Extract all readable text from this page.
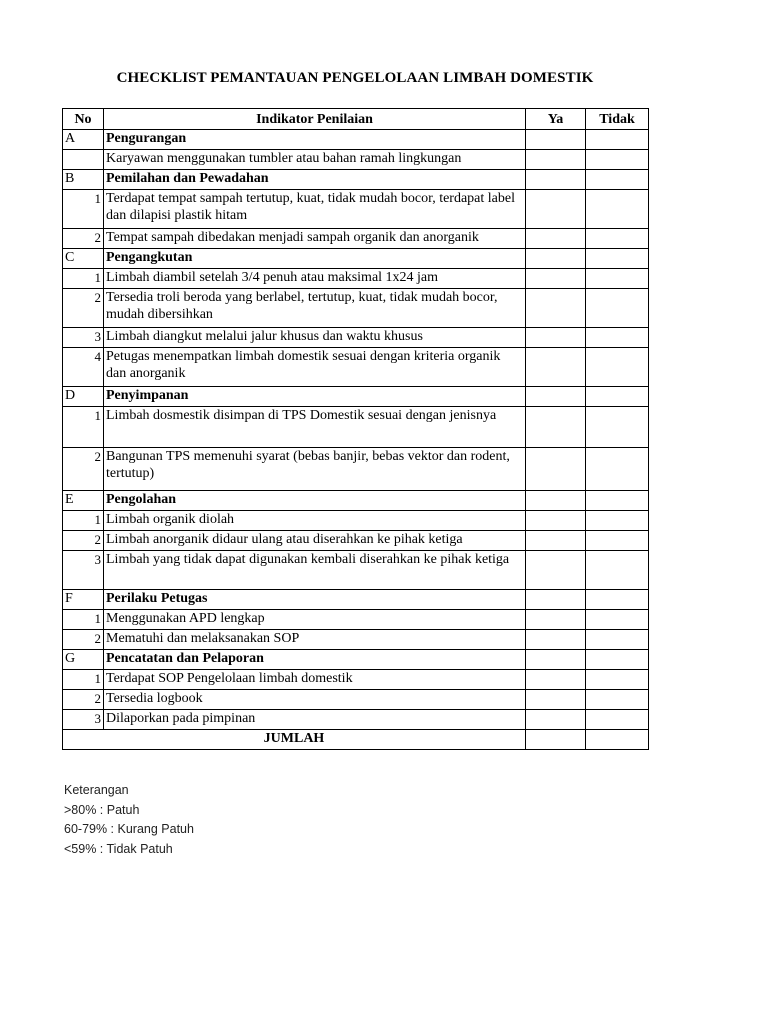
CHECKLIST PEMANTAUAN PENGELOLAAN LIMBAH DOMESTIK
No	Indikator Penilaian	Ya	Tidak
A	Pengurangan		
	Karyawan menggunakan tumbler atau bahan ramah lingkungan		
B	Pemilahan dan Pewadahan		
1	Terdapat tempat sampah tertutup, kuat, tidak mudah bocor, terdapat label dan dilapisi plastik hitam		
2	Tempat sampah dibedakan menjadi sampah organik dan anorganik		
C	Pengangkutan		
1	Limbah diambil setelah 3/4 penuh atau maksimal 1x24 jam		
2	Tersedia troli beroda yang berlabel, tertutup, kuat, tidak mudah bocor, mudah dibersihkan		
3	Limbah diangkut melalui jalur khusus dan waktu khusus		
4	Petugas menempatkan limbah domestik sesuai dengan kriteria organik dan anorganik		
D	Penyimpanan		
1	Limbah dosmestik disimpan di TPS Domestik sesuai dengan jenisnya		
2	Bangunan TPS memenuhi syarat (bebas banjir, bebas vektor dan rodent, tertutup)		
E	Pengolahan		
1	Limbah organik diolah		
2	Limbah anorganik didaur ulang atau diserahkan ke pihak ketiga		
3	Limbah yang tidak dapat digunakan kembali diserahkan ke pihak ketiga		
F	Perilaku Petugas		
1	Menggunakan APD lengkap		
2	Mematuhi dan melaksanakan SOP		
G	Pencatatan dan Pelaporan		
1	Terdapat SOP Pengelolaan limbah domestik		
2	Tersedia logbook		
3	Dilaporkan pada pimpinan		
JUMLAH			
Keterangan
>80% : Patuh
60-79% : Kurang Patuh
<59% : Tidak Patuh
